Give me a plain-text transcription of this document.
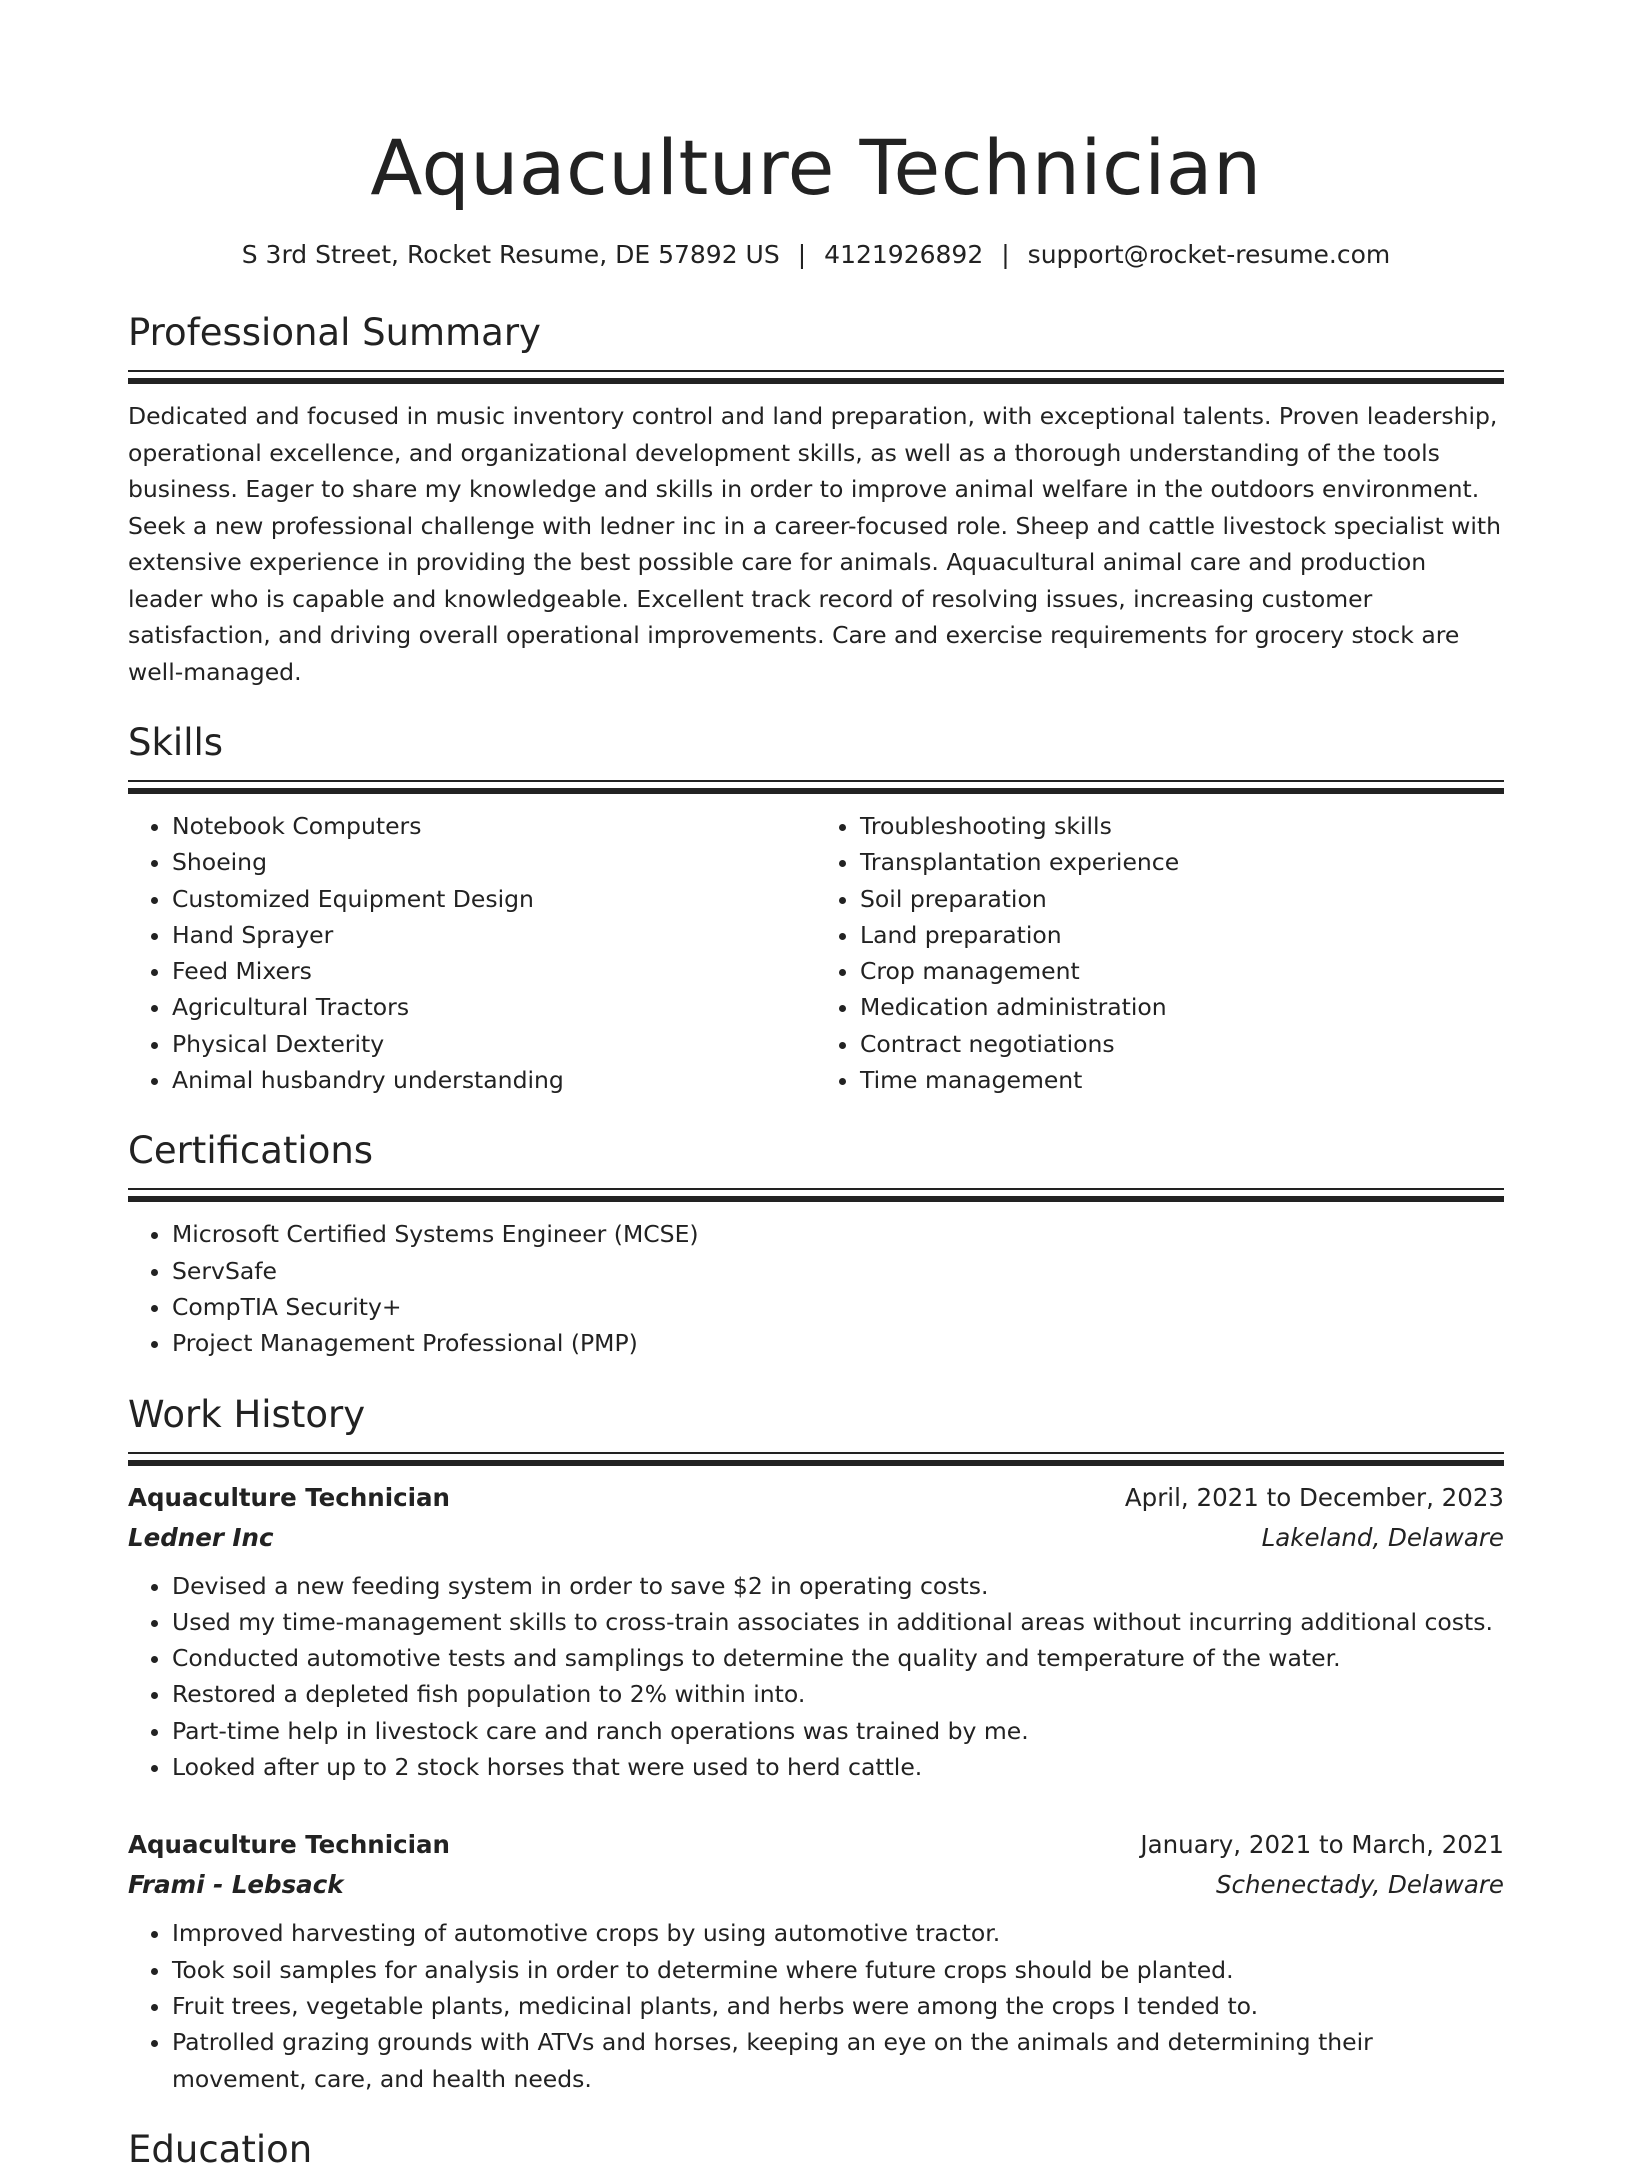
Aquaculture Technician
S 3rd Street, Rocket Resume, DE 57892 US | 4121926892 | support@rocket-resume.com
Professional Summary
Dedicated and focused in music inventory control and land preparation, with exceptional talents. Proven leadership, operational excellence, and organizational development skills, as well as a thorough understanding of the tools business. Eager to share my knowledge and skills in order to improve animal welfare in the outdoors environment. Seek a new professional challenge with ledner inc in a career-focused role. Sheep and cattle livestock specialist with extensive experience in providing the best possible care for animals. Aquacultural animal care and production leader who is capable and knowledgeable. Excellent track record of resolving issues, increasing customer satisfaction, and driving overall operational improvements. Care and exercise requirements for grocery stock are well-managed.
Skills
• Notebook Computers
• Shoeing
• Customized Equipment Design
• Hand Sprayer
• Feed Mixers
• Agricultural Tractors
• Physical Dexterity
• Animal husbandry understanding
• Troubleshooting skills
• Transplantation experience
• Soil preparation
• Land preparation
• Crop management
• Medication administration
• Contract negotiations
• Time management
Certifications
• Microsoft Certified Systems Engineer (MCSE)
• ServSafe
• CompTIA Security+
• Project Management Professional (PMP)
Work History
Aquaculture Technician	April, 2021 to December, 2023
Ledner Inc	Lakeland, Delaware
• Devised a new feeding system in order to save $2 in operating costs.
• Used my time-management skills to cross-train associates in additional areas without incurring additional costs.
• Conducted automotive tests and samplings to determine the quality and temperature of the water.
• Restored a depleted fish population to 2% within into.
• Part-time help in livestock care and ranch operations was trained by me.
• Looked after up to 2 stock horses that were used to herd cattle.
Aquaculture Technician	January, 2021 to March, 2021
Frami - Lebsack	Schenectady, Delaware
• Improved harvesting of automotive crops by using automotive tractor.
• Took soil samples for analysis in order to determine where future crops should be planted.
• Fruit trees, vegetable plants, medicinal plants, and herbs were among the crops I tended to.
• Patrolled grazing grounds with ATVs and horses, keeping an eye on the animals and determining their movement, care, and health needs.
Education
